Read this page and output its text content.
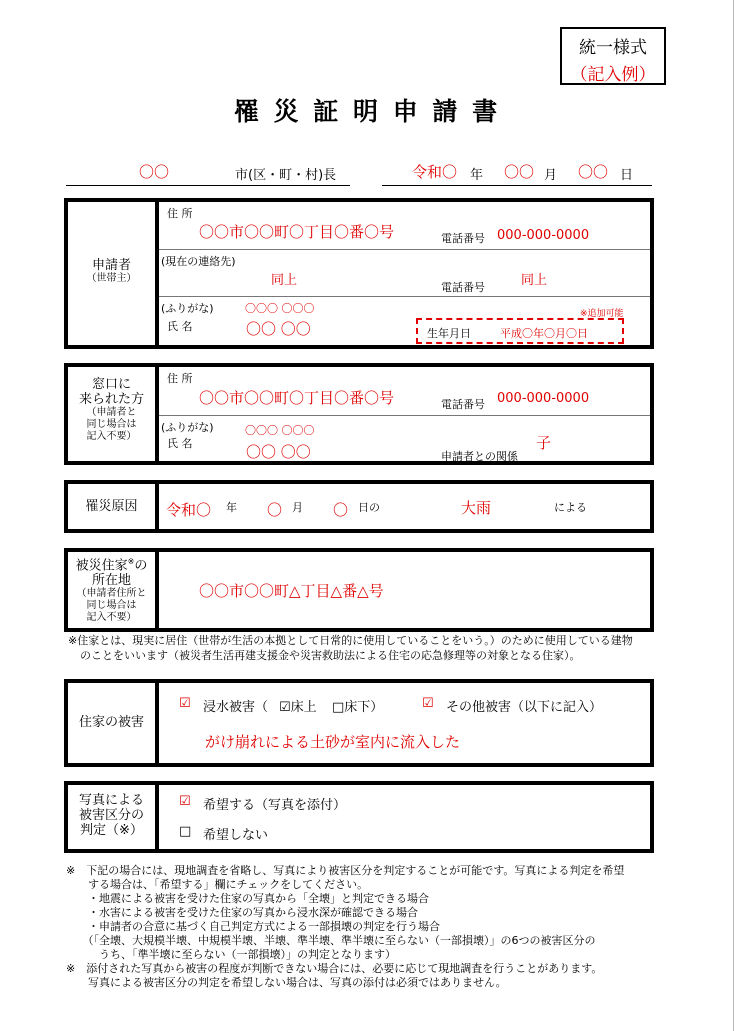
統一様式
（記入例）
罹 災 証 明 申 請 書
〇〇	市(区・町・村)長	令和〇 年 〇〇 月 〇〇 日
申請者
（世帯主）
住 所
〇〇市〇〇町〇丁目〇番〇号	電話番号 000-000-0000
(現在の連絡先)
同上	電話番号	同上
(ふりがな)	〇〇〇 〇〇〇
氏 名	〇〇 〇〇
※追加可能
生年月日	平成〇年〇月〇日
窓口に
来られた方
（申請者と
同じ場合は
記入不要）
住 所
〇〇市〇〇町〇丁目〇番〇号	電話番号 000-000-0000
(ふりがな)	〇〇〇 〇〇〇
氏 名	〇〇 〇〇	申請者との関係
子
罹災原因	令和〇 年 〇 月 〇 日の	大雨	による
被災住家※の
所在地
（申請者住所と
同じ場合は
記入不要）
〇〇市〇〇町△丁目△番△号
※住家とは、現実に居住（世帯が生活の本拠として日常的に使用していることをいう。）のために使用している建物
のことをいいます（被災者生活再建支援金や災害救助法による住宅の応急修理等の対象となる住家）。
住家の被害
☑ 浸水被害（ ☑床上 □床下）	☑ その他被害（以下に記入）
がけ崩れによる土砂が室内に流入した
写真による
被害区分の
判定（※）
☑ 希望する（写真を添付）
□ 希望しない
※　下記の場合には、現地調査を省略し、写真により被害区分を判定することが可能です。写真による判定を希望
　　する場合は、「希望する」欄にチェックをしてください。
　　・地震による被害を受けた住家の写真から「全壊」と判定できる場合
　　・水害による被害を受けた住家の写真から浸水深が確認できる場合
　　・申請者の合意に基づく自己判定方式による一部損壊の判定を行う場合
　　（「全壊、大規模半壊、中規模半壊、半壊、準半壊、準半壊に至らない（一部損壊）」の6つの被害区分の
　　　うち、「準半壊に至らない（一部損壊）」の判定となります）
※　添付された写真から被害の程度が判断できない場合には、必要に応じて現地調査を行うことがあります。
　　写真による被害区分の判定を希望しない場合は、写真の添付は必須ではありません。
